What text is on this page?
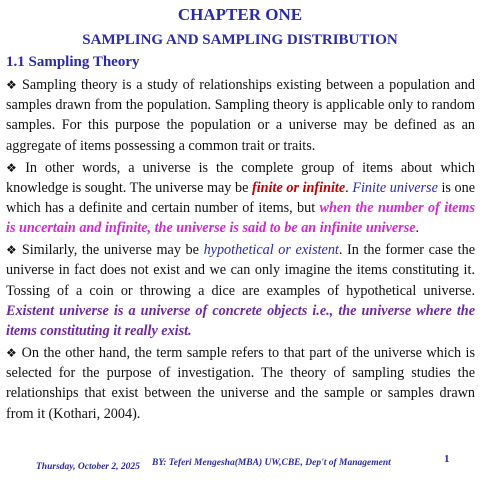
CHAPTER ONE
SAMPLING AND SAMPLING DISTRIBUTION
1.1 Sampling Theory

❖ Sampling theory is a study of relationships existing between a population and samples drawn from the population. Sampling theory is applicable only to random samples. For this purpose the population or a universe may be defined as an aggregate of items possessing a common trait or traits.

❖ In other words, a universe is the complete group of items about which knowledge is sought. The universe may be finite or infinite. Finite universe is one which has a definite and certain number of items, but when the number of items is uncertain and infinite, the universe is said to be an infinite universe.

❖ Similarly, the universe may be hypothetical or existent. In the former case the universe in fact does not exist and we can only imagine the items constituting it. Tossing of a coin or throwing a dice are examples of hypothetical universe. Existent universe is a universe of concrete objects i.e., the universe where the items constituting it really exist.

❖ On the other hand, the term sample refers to that part of the universe which is selected for the purpose of investigation. The theory of sampling studies the relationships that exist between the universe and the sample or samples drawn from it (Kothari, 2004).

Thursday, October 2, 2025 BY: Teferi Mengesha(MBA) UW,CBE, Dep't of Management	1
